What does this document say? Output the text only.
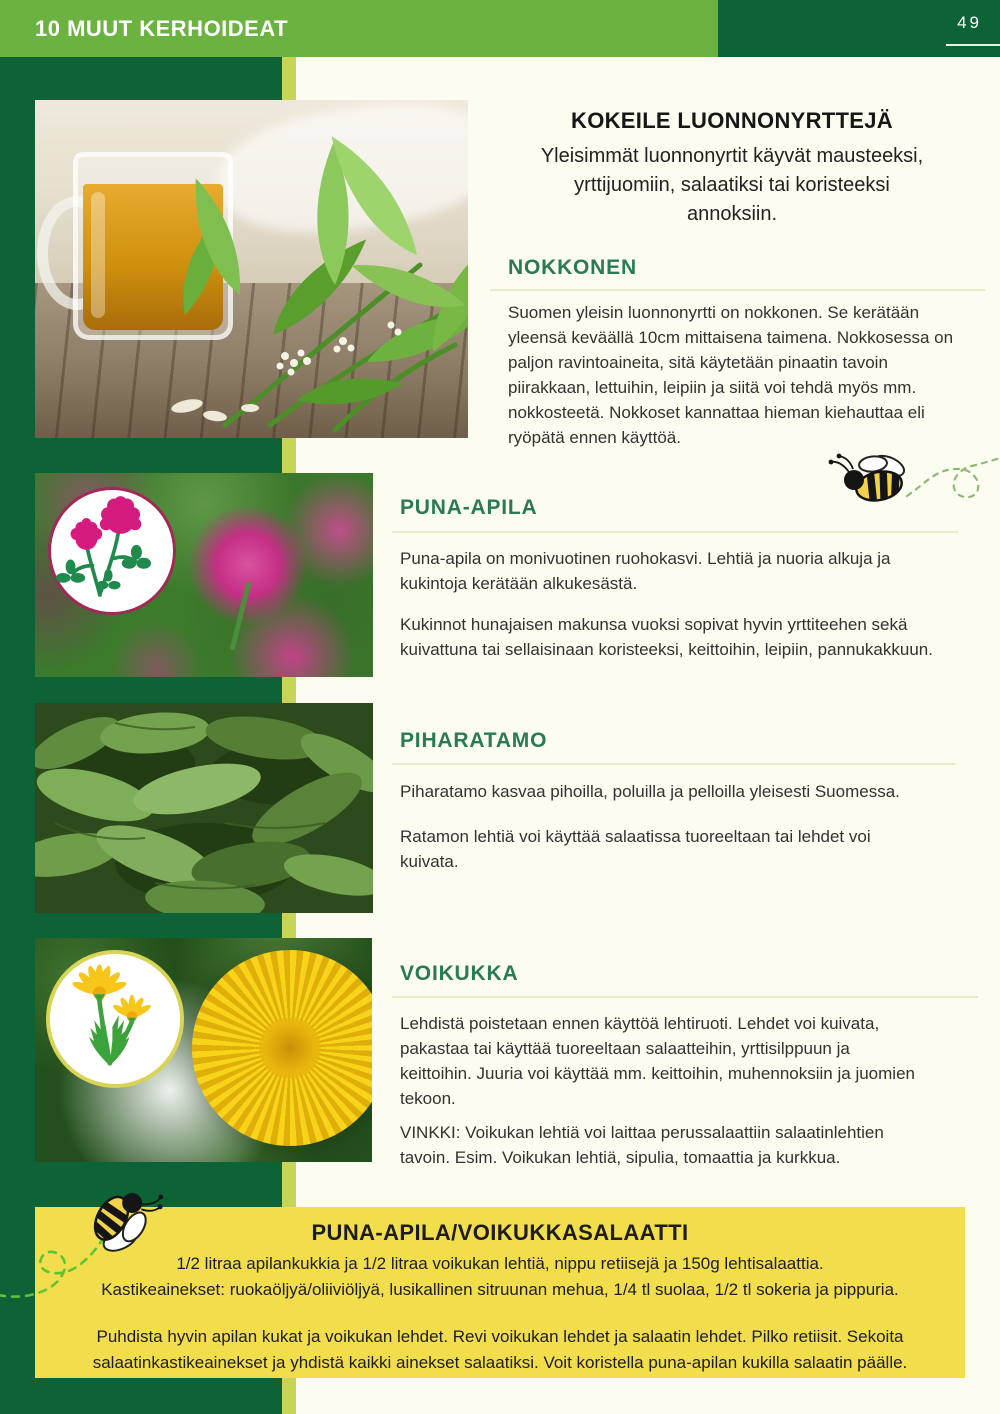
10 MUUT KERHOIDEAT	49
KOKEILE LUONNONYRTTEJÄ
Yleisimmät luonnonyrtit käyvät mausteeksi, yrttijuomiin, salaatiksi tai koristeeksi annoksiin.
NOKKONEN
Suomen yleisin luonnonyrtti on nokkonen. Se kerätään yleensä keväällä 10cm mittaisena taimena. Nokkosessa on paljon ravintoaineita, sitä käytetään pinaatin tavoin piirakkaan, lettuihin, leipiin ja siitä voi tehdä myös mm. nokkosteetä. Nokkoset kannattaa hieman kiehauttaa eli ryöpätä ennen käyttöä.
PUNA-APILA
Puna-apila on monivuotinen ruohokasvi. Lehtiä ja nuoria alkuja ja kukintoja kerätään alkukesästä.
Kukinnot hunajaisen makunsa vuoksi sopivat hyvin yrttiteehen sekä kuivattuna tai sellaisinaan koristeeksi, keittoihin, leipiin, pannukakkuun.
PIHARATAMO
Piharatamo kasvaa pihoilla, poluilla ja pelloilla yleisesti Suomessa.
Ratamon lehtiä voi käyttää salaatissa tuoreeltaan tai lehdet voi kuivata.
VOIKUKKA
Lehdistä poistetaan ennen käyttöä lehtiruoti. Lehdet voi kuivata, pakastaa tai käyttää tuoreeltaan salaatteihin, yrttisilppuun ja keittoihin. Juuria voi käyttää mm. keittoihin, muhennoksiin ja juomien tekoon.
VINKKI: Voikukan lehtiä voi laittaa perussalaattiin salaatinlehtien tavoin. Esim. Voikukan lehtiä, sipulia, tomaattia ja kurkkua.
PUNA-APILA/VOIKUKKASALAATTI
1/2 litraa apilankukkia ja 1/2 litraa voikukan lehtiä, nippu retiisejä ja 150g lehtisalaattia.
Kastikeainekset: ruokaöljyä/oliiviöljyä, lusikallinen sitruunan mehua, 1/4 tl suolaa, 1/2 tl sokeria ja pippuria.
Puhdista hyvin apilan kukat ja voikukan lehdet. Revi voikukan lehdet ja salaatin lehdet. Pilko retiisit. Sekoita salaatinkastikeainekset ja yhdistä kaikki ainekset salaatiksi. Voit koristella puna-apilan kukilla salaatin päälle.
